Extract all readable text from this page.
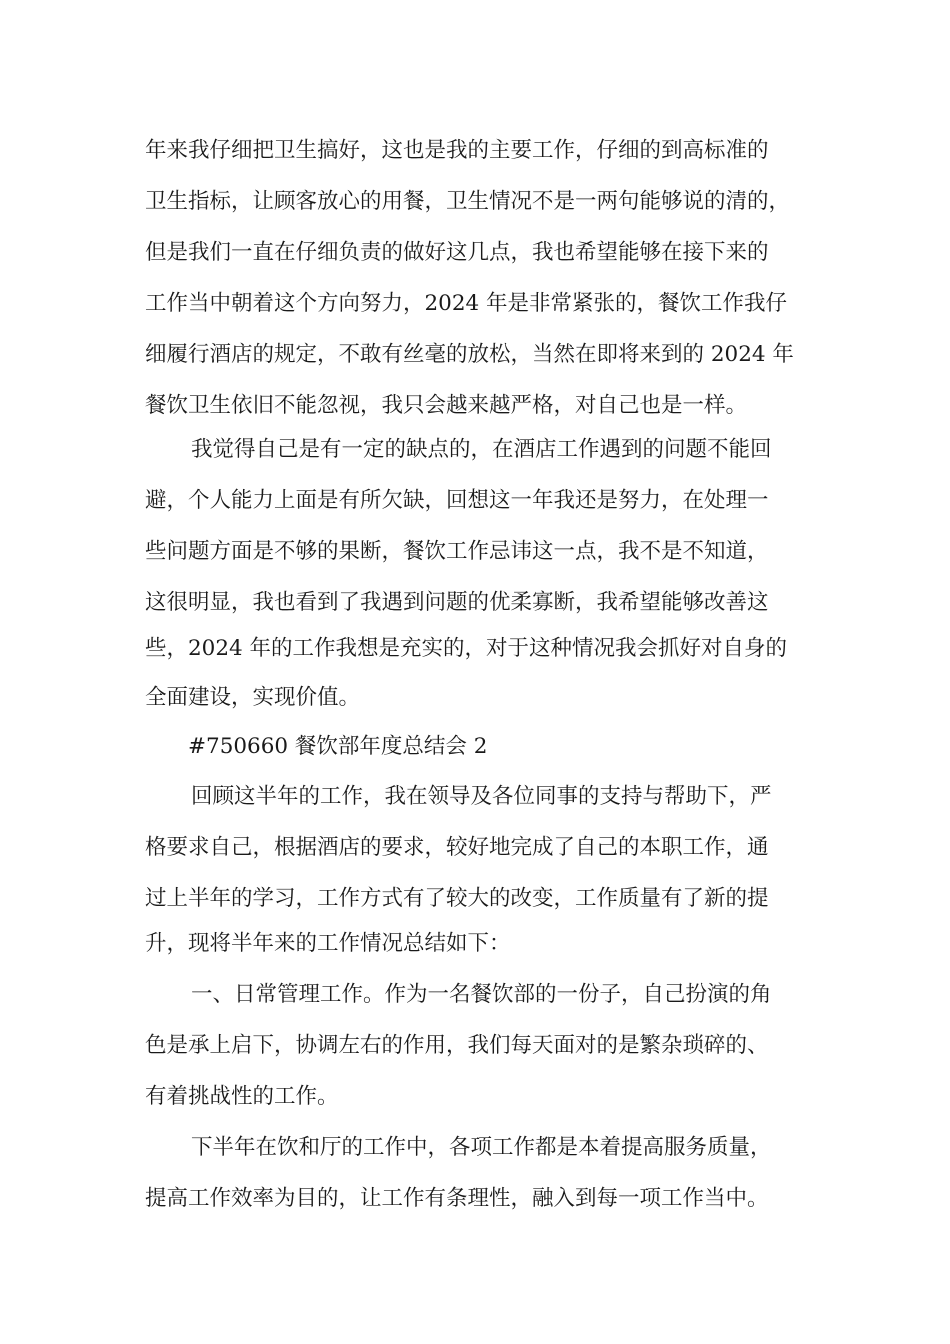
年来我仔细把卫生搞好，这也是我的主要工作，仔细的到高标准的
卫生指标，让顾客放心的用餐，卫生情况不是一两句能够说的清的，
但是我们一直在仔细负责的做好这几点，我也希望能够在接下来的
工作当中朝着这个方向努力，2024 年是非常紧张的，餐饮工作我仔
细履行酒店的规定，不敢有丝毫的放松，当然在即将来到的 2024 年
餐饮卫生依旧不能忽视，我只会越来越严格，对自己也是一样。
我觉得自己是有一定的缺点的，在酒店工作遇到的问题不能回
避，个人能力上面是有所欠缺，回想这一年我还是努力，在处理一
些问题方面是不够的果断，餐饮工作忌讳这一点，我不是不知道，
这很明显，我也看到了我遇到问题的优柔寡断，我希望能够改善这
些，2024 年的工作我想是充实的，对于这种情况我会抓好对自身的
全面建设，实现价值。
#750660 餐饮部年度总结会 2
回顾这半年的工作，我在领导及各位同事的支持与帮助下，严
格要求自己，根据酒店的要求，较好地完成了自己的本职工作，通
过上半年的学习，工作方式有了较大的改变，工作质量有了新的提
升，现将半年来的工作情况总结如下：
一、日常管理工作。作为一名餐饮部的一份子，自己扮演的角
色是承上启下，协调左右的作用，我们每天面对的是繁杂琐碎的、
有着挑战性的工作。
下半年在饮和厅的工作中，各项工作都是本着提高服务质量，
提高工作效率为目的，让工作有条理性，融入到每一项工作当中。
